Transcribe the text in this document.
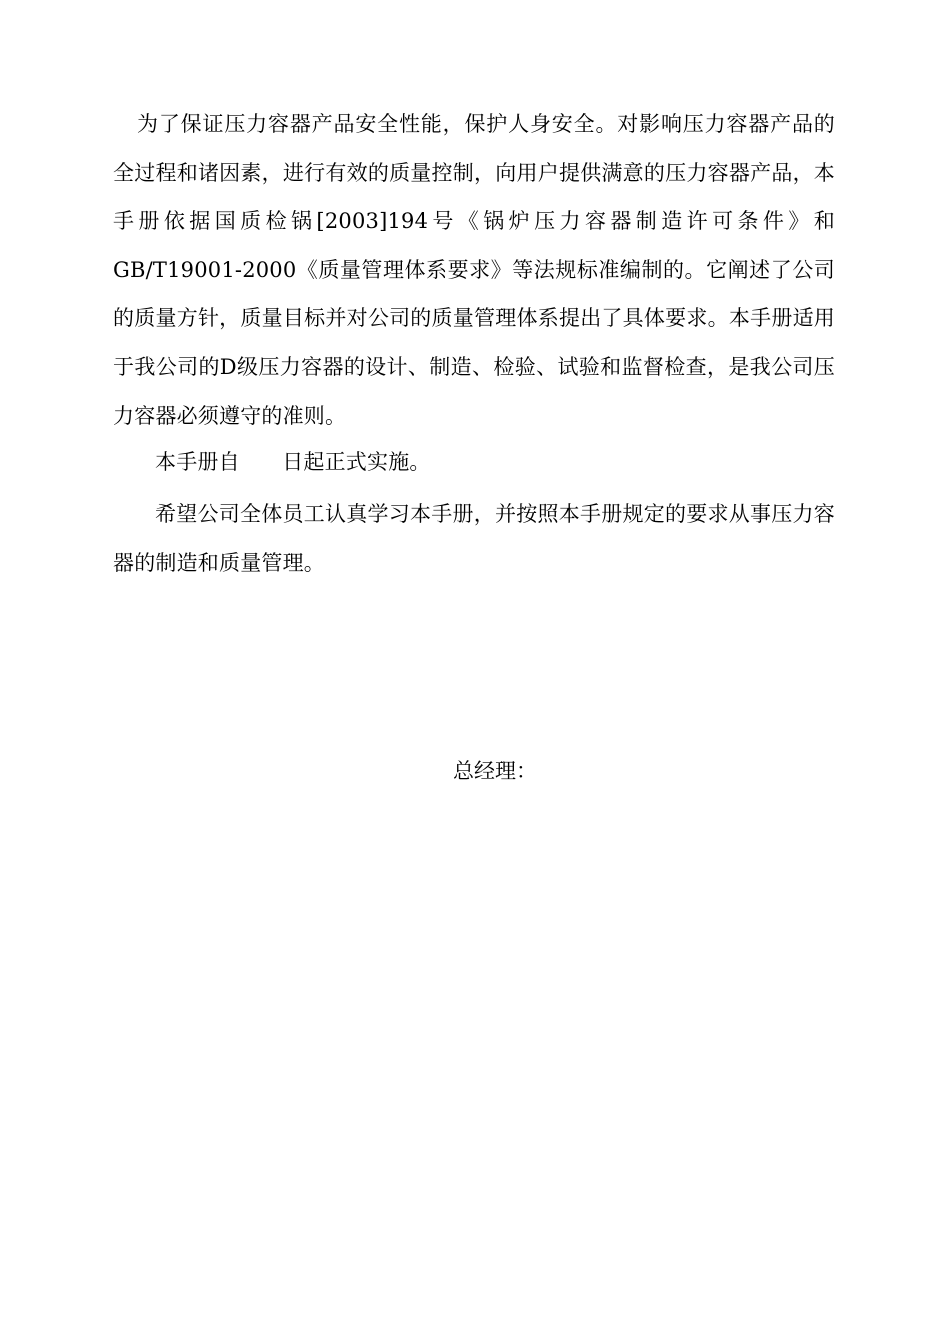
为了保证压力容器产品安全性能，保护人身安全。对影响压力容器产品的全过程和诸因素，进行有效的质量控制，向用户提供满意的压力容器产品，本手册依据国质检锅[2003]194号《锅炉压力容器制造许可条件》和GB/T19001-2000《质量管理体系要求》等法规标准编制的。它阐述了公司的质量方针，质量目标并对公司的质量管理体系提出了具体要求。本手册适用于我公司的D级压力容器的设计、制造、检验、试验和监督检查，是我公司压力容器必须遵守的准则。

本手册自　　日起正式实施。

希望公司全体员工认真学习本手册，并按照本手册规定的要求从事压力容器的制造和质量管理。

总经理：
